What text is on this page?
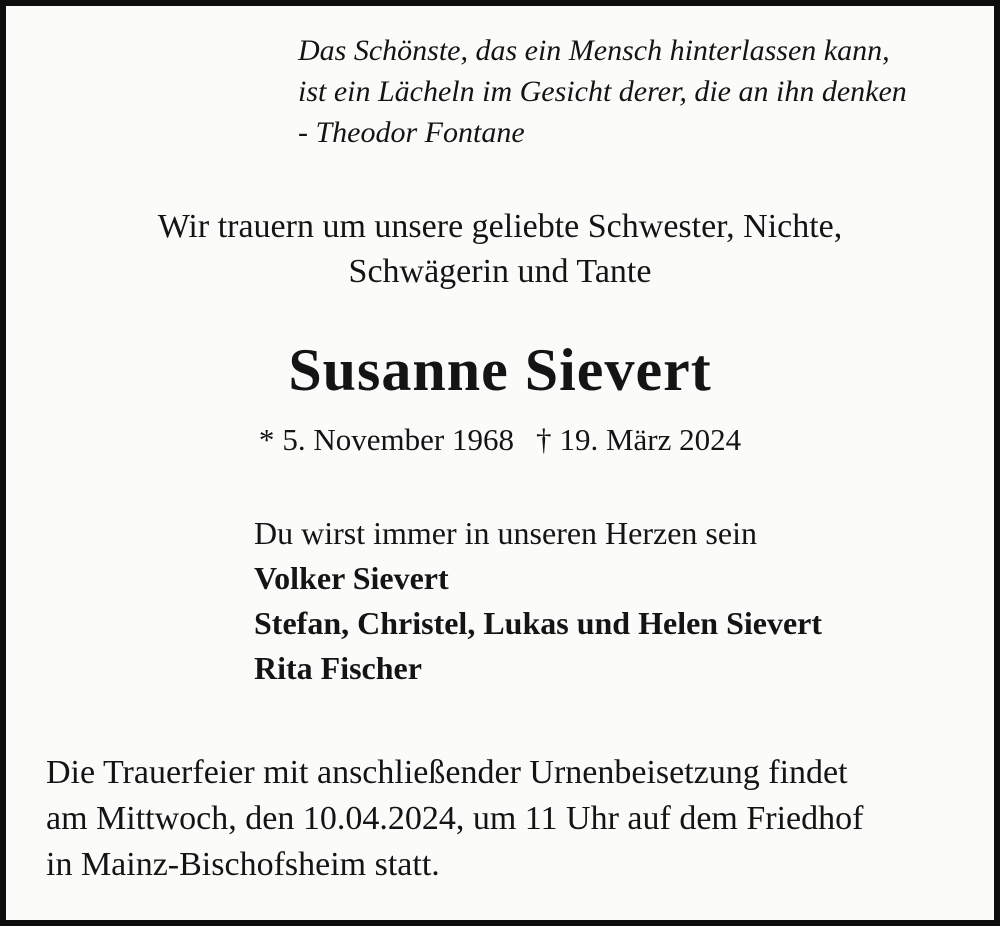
Das Schönste, das ein Mensch hinterlassen kann,
ist ein Lächeln im Gesicht derer, die an ihn denken
- Theodor Fontane
Wir trauern um unsere geliebte Schwester, Nichte,
Schwägerin und Tante
Susanne Sievert
* 5. November 1968 † 19. März 2024
Du wirst immer in unseren Herzen sein
Volker Sievert
Stefan, Christel, Lukas und Helen Sievert
Rita Fischer
Die Trauerfeier mit anschließender Urnenbeisetzung findet
am Mittwoch, den 10.04.2024, um 11 Uhr auf dem Friedhof
in Mainz-Bischofsheim statt.
